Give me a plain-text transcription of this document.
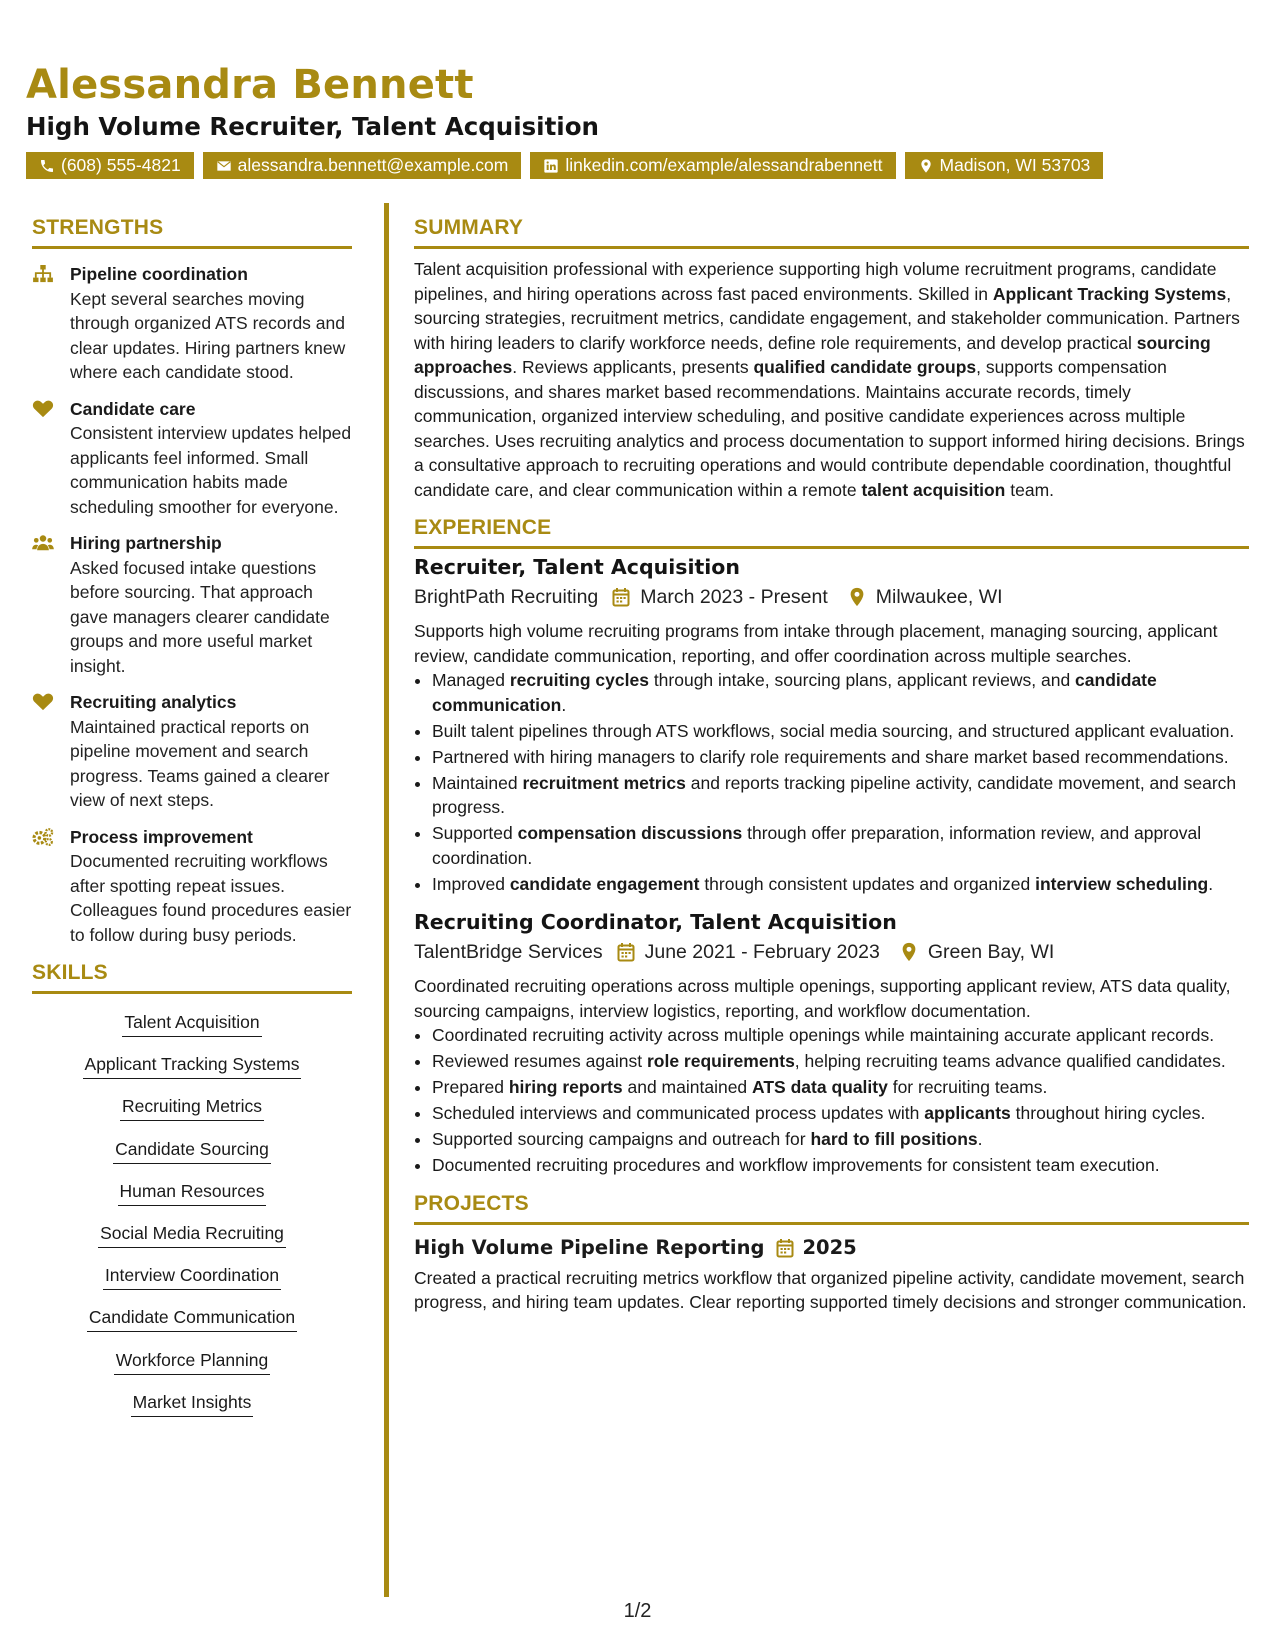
Alessandra Bennett
High Volume Recruiter, Talent Acquisition
(608) 555-4821	alessandra.bennett@example.com	linkedin.com/example/alessandrabennett	Madison, WI 53703
STRENGTHS
Pipeline coordination
Kept several searches moving through organized ATS records and clear updates. Hiring partners knew where each candidate stood.
Candidate care
Consistent interview updates helped applicants feel informed. Small communication habits made scheduling smoother for everyone.
Hiring partnership
Asked focused intake questions before sourcing. That approach gave managers clearer candidate groups and more useful market insight.
Recruiting analytics
Maintained practical reports on pipeline movement and search progress. Teams gained a clearer view of next steps.
Process improvement
Documented recruiting workflows after spotting repeat issues. Colleagues found procedures easier to follow during busy periods.
SKILLS
Talent Acquisition
Applicant Tracking Systems
Recruiting Metrics
Candidate Sourcing
Human Resources
Social Media Recruiting
Interview Coordination
Candidate Communication
Workforce Planning
Market Insights
SUMMARY

Talent acquisition professional with experience supporting high volume recruitment programs, candidate pipelines, and hiring operations across fast paced environments. Skilled in Applicant Tracking Systems, sourcing strategies, recruitment metrics, candidate engagement, and stakeholder communication. Partners with hiring leaders to clarify workforce needs, define role requirements, and develop practical sourcing approaches. Reviews applicants, presents qualified candidate groups, supports compensation discussions, and shares market based recommendations. Maintains accurate records, timely communication, organized interview scheduling, and positive candidate experiences across multiple searches. Uses recruiting analytics and process documentation to support informed hiring decisions. Brings a consultative approach to recruiting operations and would contribute dependable coordination, thoughtful candidate care, and clear communication within a remote talent acquisition team.

EXPERIENCE
Recruiter, Talent Acquisition
BrightPath Recruiting March 2023 - Present Milwaukee, WI

Supports high volume recruiting programs from intake through placement, managing sourcing, applicant review, candidate communication, reporting, and offer coordination across multiple searches.

• Managed recruiting cycles through intake, sourcing plans, applicant reviews, and candidate communication.
• Built talent pipelines through ATS workflows, social media sourcing, and structured applicant evaluation.
• Partnered with hiring managers to clarify role requirements and share market based recommendations.
• Maintained recruitment metrics and reports tracking pipeline activity, candidate movement, and search progress.
• Supported compensation discussions through offer preparation, information review, and approval coordination.
• Improved candidate engagement through consistent updates and organized interview scheduling.
Recruiting Coordinator, Talent Acquisition
TalentBridge Services June 2021 - February 2023 Green Bay, WI

Coordinated recruiting operations across multiple openings, supporting applicant review, ATS data quality, sourcing campaigns, interview logistics, reporting, and workflow documentation.

• Coordinated recruiting activity across multiple openings while maintaining accurate applicant records.
• Reviewed resumes against role requirements, helping recruiting teams advance qualified candidates.
• Prepared hiring reports and maintained ATS data quality for recruiting teams.
• Scheduled interviews and communicated process updates with applicants throughout hiring cycles.
• Supported sourcing campaigns and outreach for hard to fill positions.
• Documented recruiting procedures and workflow improvements for consistent team execution.
PROJECTS
High Volume Pipeline Reporting 2025

Created a practical recruiting metrics workflow that organized pipeline activity, candidate movement, search progress, and hiring team updates. Clear reporting supported timely decisions and stronger communication.

1/2
